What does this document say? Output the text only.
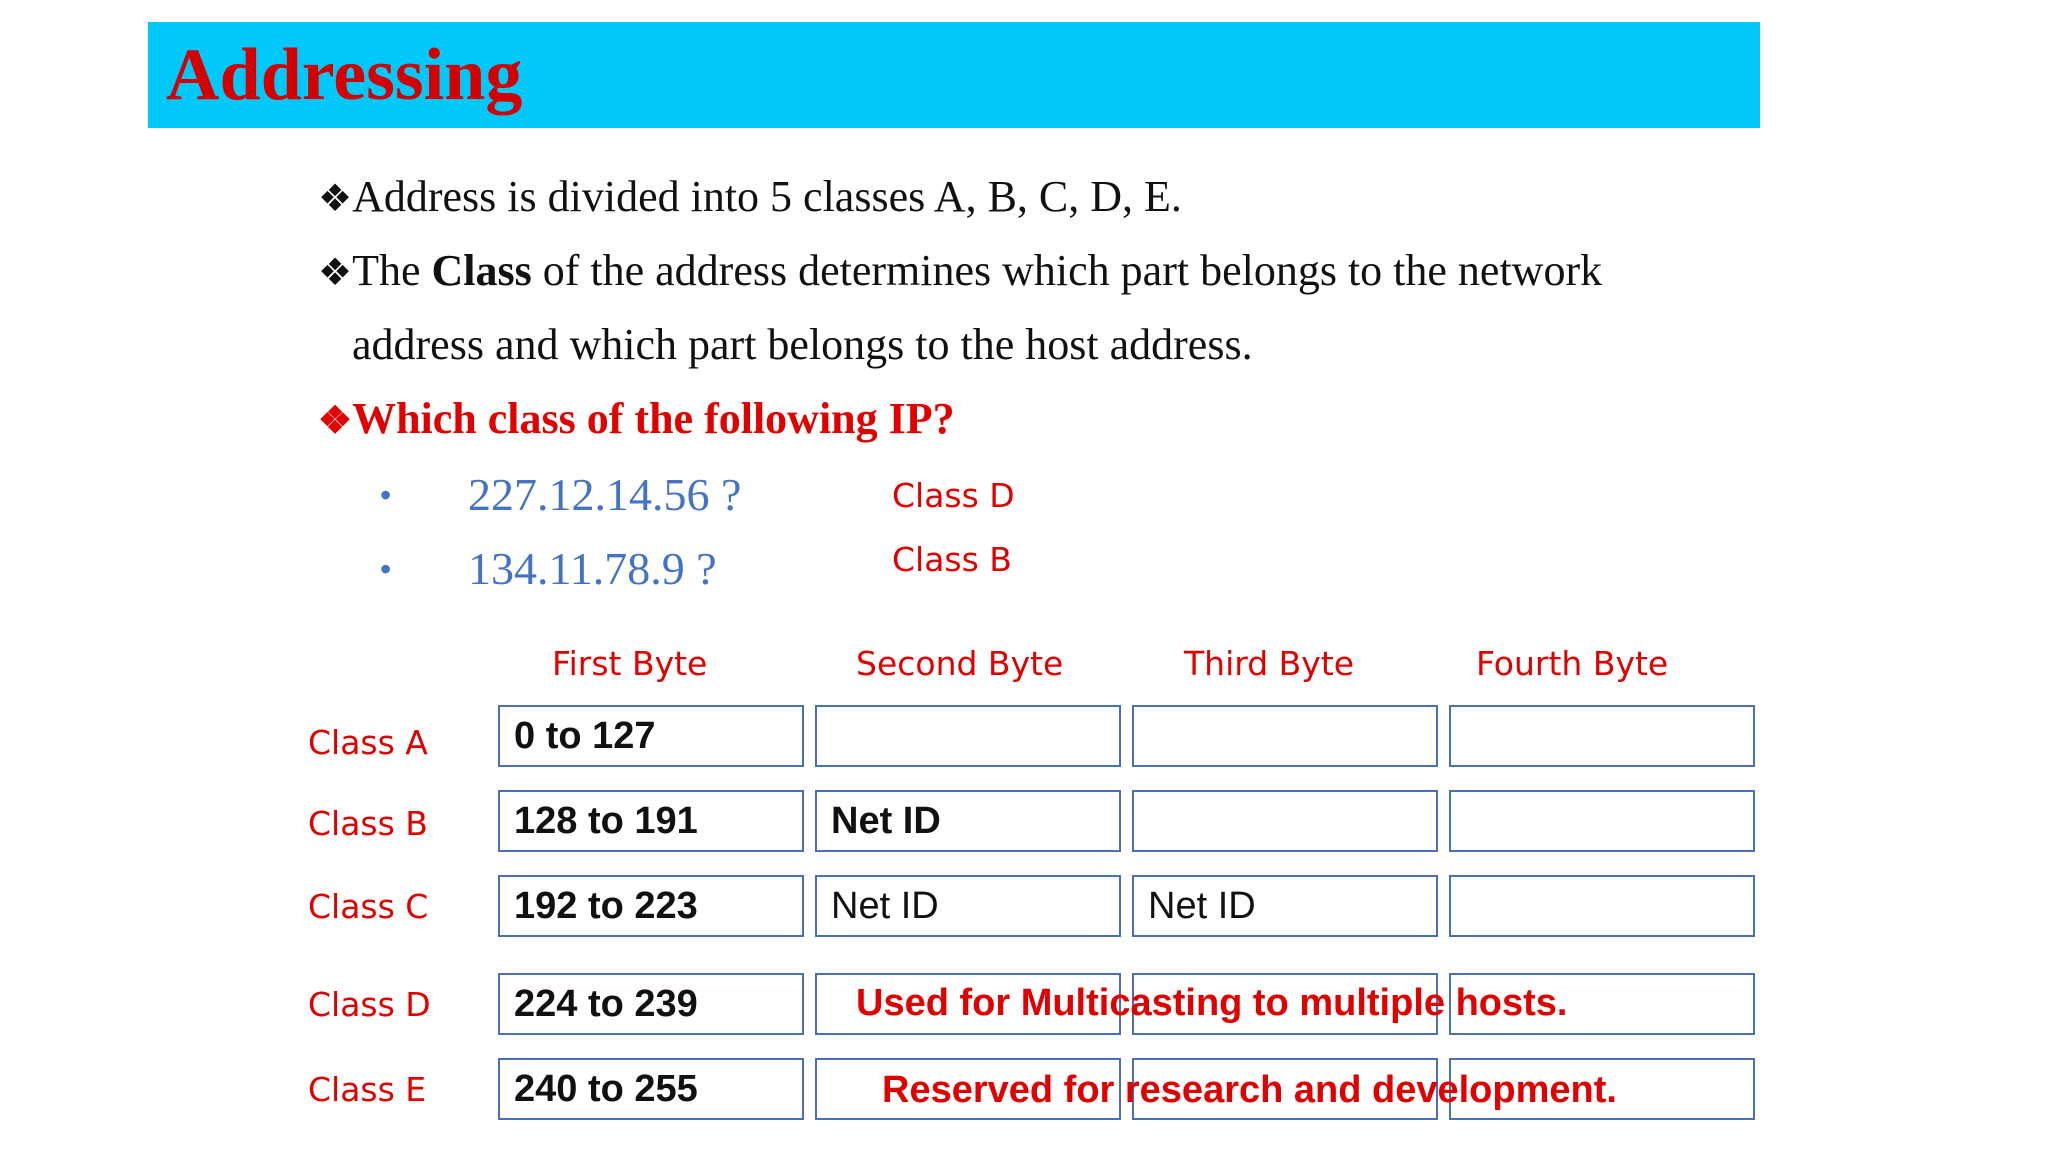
Addressing
❖Address is divided into 5 classes A, B, C, D, E.
❖The Class of the address determines which part belongs to the network
address and which part belongs to the host address.
❖Which class of the following IP?
• 227.12.14.56 ?	Class D
• 134.11.78.9 ?	Class B
First Byte	Second Byte	Third Byte	Fourth Byte
Class A	0 to 127
Class B	128 to 191	Net ID
Class C	192 to 223	Net ID	Net ID
Class D	224 to 239	Used for Multicasting to multiple hosts.
Class E	240 to 255	Reserved for research and development.
